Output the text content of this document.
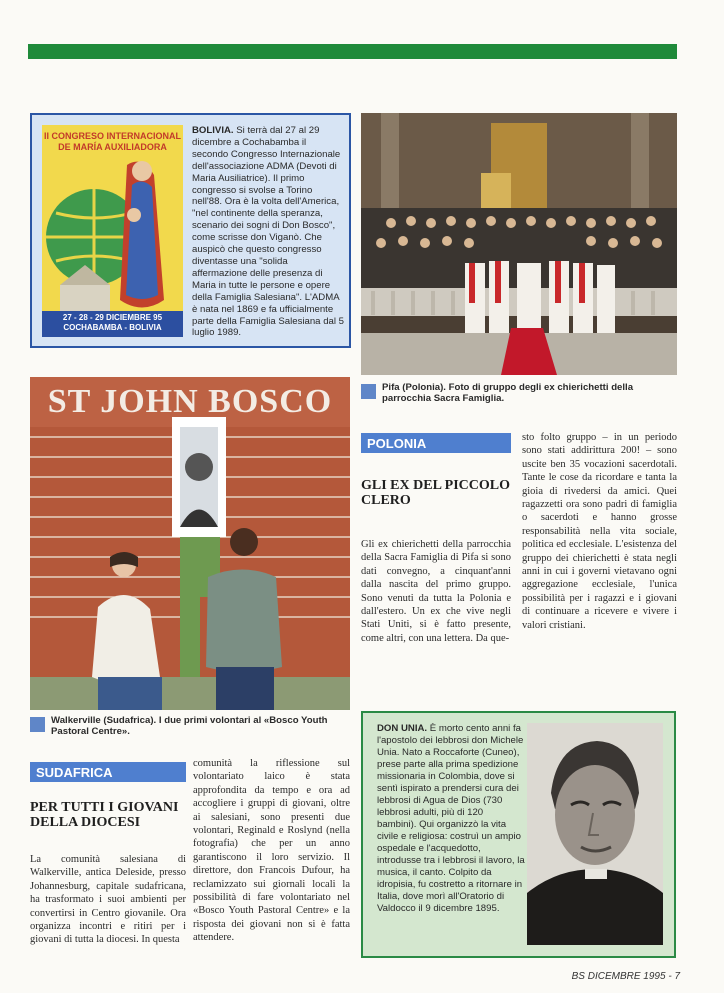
II CONGRESO INTERNACIONAL DE MARÍA AUXILIADORA
27 - 28 - 29 DICIEMBRE 95 COCHABAMBA - BOLIVIA
BOLIVIA. Si terrà dal 27 al 29 dicembre a Cochabamba il secondo Congresso Internazionale dell'associazione ADMA (Devoti di Maria Ausiliatrice). Il primo congresso si svolse a Torino nell'88. Ora è la volta dell'America, "nel continente della speranza, scenario dei sogni di Don Bosco", come scrisse don Viganò. Che auspicò che questo congresso diventasse una "solida affermazione delle presenza di Maria in tutte le persone e opere della Famiglia Salesiana". L'ADMA è nata nel 1869 e fa ufficialmente parte della Famiglia Salesiana dal 5 luglio 1989.
Pifa (Polonia). Foto di gruppo degli ex chierichetti della parrocchia Sacra Famiglia.
ST JOHN BOSCO
Walkerville (Sudafrica). I due primi volontari al «Bosco Youth Pastoral Centre».
POLONIA
GLI EX DEL PICCOLO CLERO
Gli ex chierichetti della parrocchia della Sacra Famiglia di Pifa si sono dati convegno, a cinquant'anni dalla nascita del primo gruppo. Sono venuti da tutta la Polonia e dall'estero. Un ex che vive negli Stati Uniti, si è fatto presente, come altri, con una lettera. Da que-
sto folto gruppo – in un periodo sono stati addirittura 200! – sono uscite ben 35 vocazioni sacerdotali. Tante le cose da ricordare e tanta la gioia di rivedersi da amici. Quei ragazzetti ora sono padri di famiglia o sacerdoti e hanno grosse responsabilità nella vita sociale, politica ed ecclesiale. L'esistenza del gruppo dei chierichetti è stata negli anni in cui i governi vietavano ogni aggregazione ecclesiale, l'unica possibilità per i ragazzi e i giovani di continuare a ricevere e vivere i valori cristiani.
SUDAFRICA
PER TUTTI I GIOVANI DELLA DIOCESI
La comunità salesiana di Walkerville, antica Deleside, presso Johannesburg, capitale sudafricana, ha trasformato i suoi ambienti per convertirsi in Centro giovanile. Ora organizza incontri e ritiri per i giovani di tutta la diocesi. In questa
comunità la riflessione sul volontariato laico è stata approfondita da tempo e ora ad accogliere i gruppi di giovani, oltre ai salesiani, sono presenti due volontari, Reginald e Roslynd (nella fotografia) che per un anno garantiscono il loro servizio. Il direttore, don Francois Dufour, ha reclamizzato sui giornali locali la possibilità di fare volontariato nel «Bosco Youth Pastoral Centre» e la risposta dei giovani non si è fatta attendere.
DON UNIA. È morto cento anni fa l'apostolo dei lebbrosi don Michele Unia. Nato a Roccaforte (Cuneo), prese parte alla prima spedizione missionaria in Colombia, dove si sentì ispirato a prendersi cura dei lebbrosi di Agua de Dios (730 lebbrosi adulti, più di 120 bambini). Qui organizzò la vita civile e religiosa: costruì un ampio ospedale e l'acquedotto, introdusse tra i lebbrosi il lavoro, la musica, il canto. Colpito da idropisia, fu costretto a ritornare in Italia, dove morì all'Oratorio di Valdocco il 9 dicembre 1895.
BS DICEMBRE 1995 - 7
